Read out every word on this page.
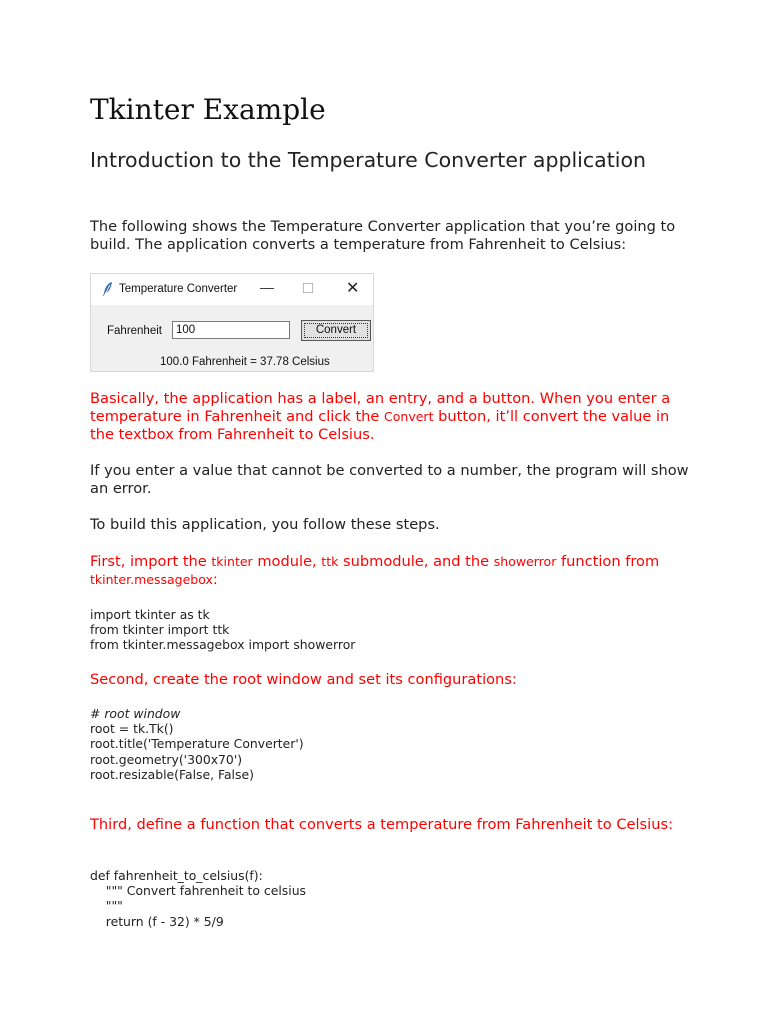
Tkinter Example
Introduction to the Temperature Converter application
The following shows the Temperature Converter application that you’re going to build. The application converts a temperature from Fahrenheit to Celsius:
Basically, the application has a label, an entry, and a button. When you enter a temperature in Fahrenheit and click the Convert button, it’ll convert the value in the textbox from Fahrenheit to Celsius.
If you enter a value that cannot be converted to a number, the program will show an error.
To build this application, you follow these steps.
First, import the tkinter module, ttk submodule, and the showerror function from tkinter.messagebox:
import tkinter as tk
from tkinter import ttk
from tkinter.messagebox import showerror
Second, create the root window and set its configurations:
# root window
root = tk.Tk()
root.title('Temperature Converter')
root.geometry('300x70')
root.resizable(False, False)
Third, define a function that converts a temperature from Fahrenheit to Celsius:
def fahrenheit_to_celsius(f):
""" Convert fahrenheit to celsius
"""
return (f - 32) * 5/9
Temperature Converter —	✕
Fahrenheit	100	Convert
100.0 Fahrenheit = 37.78 Celsius
